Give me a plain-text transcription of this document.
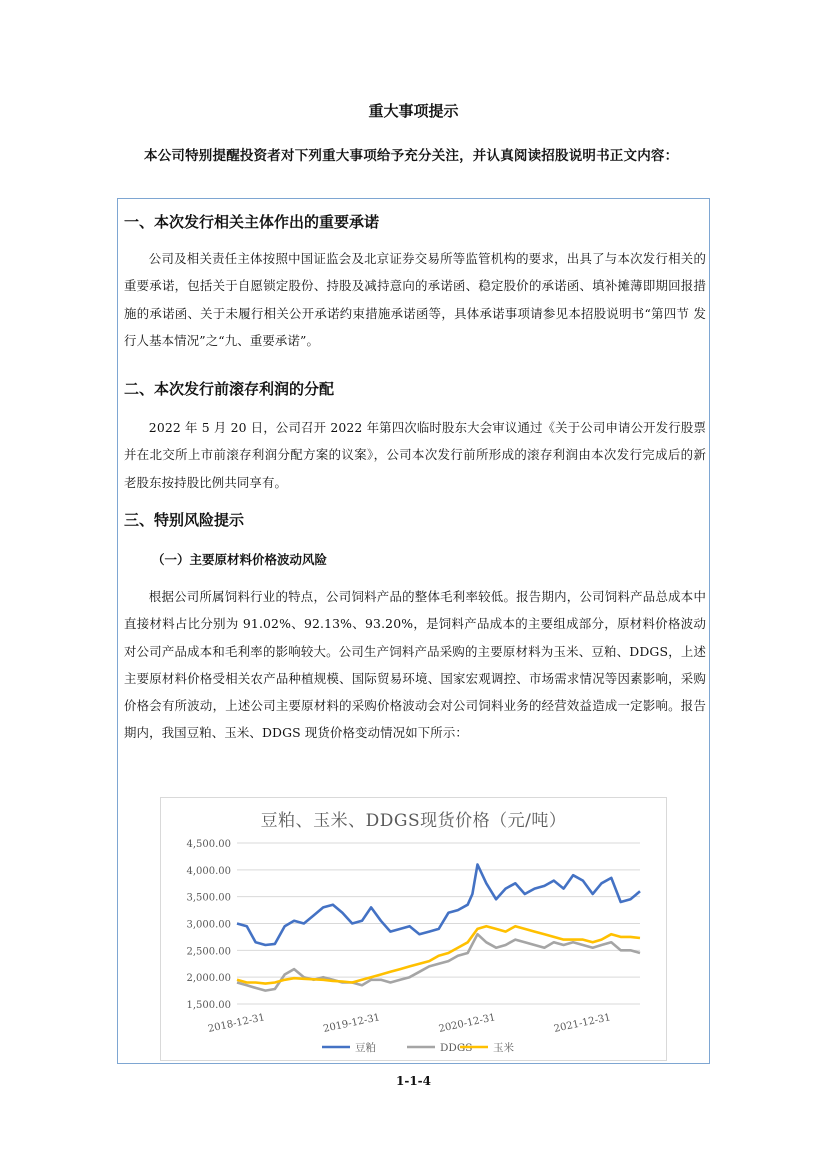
重大事项提示
本公司特别提醒投资者对下列重大事项给予充分关注，并认真阅读招股说明书正文内容：
一、本次发行相关主体作出的重要承诺
公司及相关责任主体按照中国证监会及北京证券交易所等监管机构的要求，出具了与本次发行相关的重要承诺，包括关于自愿锁定股份、持股及减持意向的承诺函、稳定股价的承诺函、填补摊薄即期回报措施的承诺函、关于未履行相关公开承诺约束措施承诺函等，具体承诺事项请参见本招股说明书“第四节 发行人基本情况”之“九、重要承诺”。
二、本次发行前滚存利润的分配
2022 年 5 月 20 日，公司召开 2022 年第四次临时股东大会审议通过《关于公司申请公开发行股票并在北交所上市前滚存利润分配方案的议案》，公司本次发行前所形成的滚存利润由本次发行完成后的新老股东按持股比例共同享有。
三、特别风险提示
（一）主要原材料价格波动风险
根据公司所属饲料行业的特点，公司饲料产品的整体毛利率较低。报告期内，公司饲料产品总成本中直接材料占比分别为 91.02%、92.13%、93.20%，是饲料产品成本的主要组成部分，原材料价格波动对公司产品成本和毛利率的影响较大。公司生产饲料产品采购的主要原材料为玉米、豆粕、DDGS，上述主要原材料价格受相关农产品种植规模、国际贸易环境、国家宏观调控、市场需求情况等因素影响，采购价格会有所波动，上述公司主要原材料的采购价格波动会对公司饲料业务的经营效益造成一定影响。报告期内，我国豆粕、玉米、DDGS 现货价格变动情况如下所示：
豆粕、玉米、DDGS现货价格（元/吨）
1,500.00
2,000.00
2,500.00
3,000.00
3,500.00
4,000.00
4,500.00
2018-12-31	2019-12-31	2020-12-31	2021-12-31
豆粕	DDGS 玉米
1-1-4
